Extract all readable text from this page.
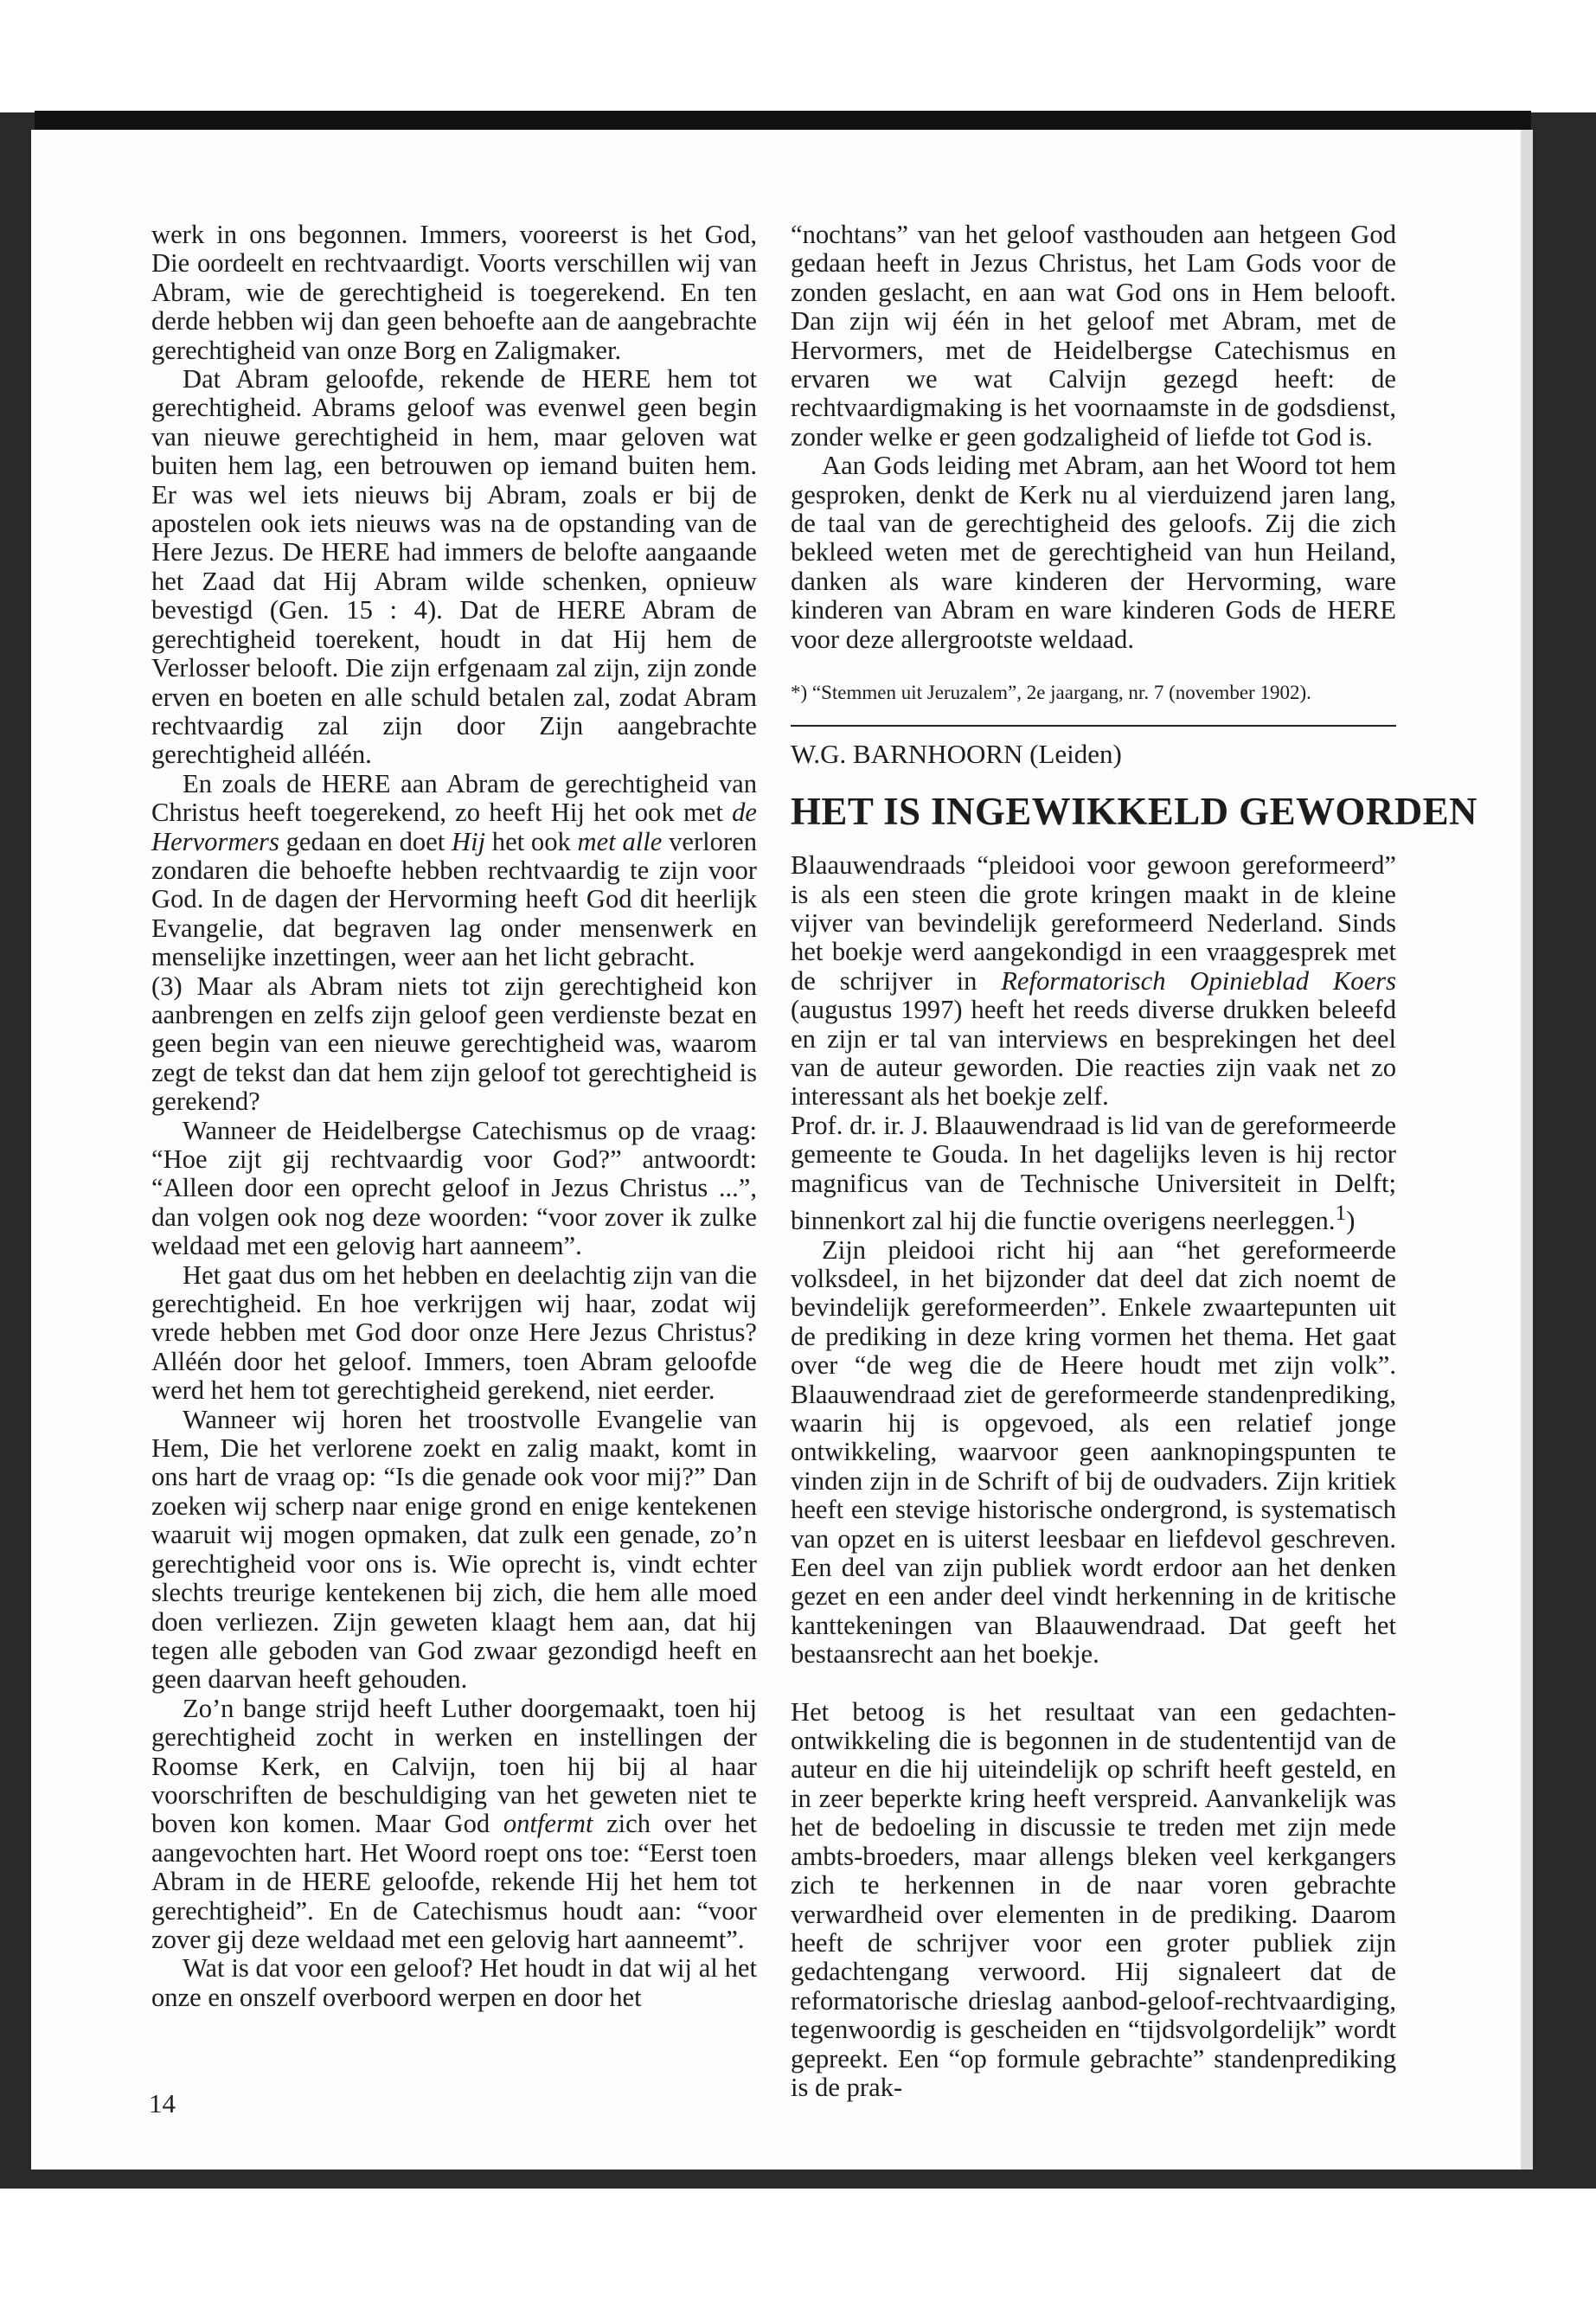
werk in ons begonnen. Immers, vooreerst is het God, Die oordeelt en rechtvaardigt. Voorts verschillen wij van Abram, wie de gerechtigheid is toegerekend. En ten derde hebben wij dan geen behoefte aan de aangebrachte gerechtigheid van onze Borg en Zaligmaker.

Dat Abram geloofde, rekende de HERE hem tot gerechtigheid. Abrams geloof was evenwel geen begin van nieuwe gerechtigheid in hem, maar geloven wat buiten hem lag, een betrouwen op iemand buiten hem. Er was wel iets nieuws bij Abram, zoals er bij de apostelen ook iets nieuws was na de opstanding van de Here Jezus. De HERE had immers de belofte aangaande het Zaad dat Hij Abram wilde schenken, opnieuw bevestigd (Gen. 15 : 4). Dat de HERE Abram de gerechtigheid toerekent, houdt in dat Hij hem de Verlosser belooft. Die zijn erfgenaam zal zijn, zijn zonde erven en boeten en alle schuld betalen zal, zodat Abram rechtvaardig zal zijn door Zijn aangebrachte gerechtigheid alléén.

En zoals de HERE aan Abram de gerechtigheid van Christus heeft toegerekend, zo heeft Hij het ook met de Hervormers gedaan en doet Hij het ook met alle verloren zondaren die behoefte hebben rechtvaardig te zijn voor God. In de dagen der Hervorming heeft God dit heerlijk Evangelie, dat begraven lag onder mensenwerk en menselijke inzettingen, weer aan het licht gebracht.

(3) Maar als Abram niets tot zijn gerechtigheid kon aanbrengen en zelfs zijn geloof geen verdienste bezat en geen begin van een nieuwe gerechtigheid was, waarom zegt de tekst dan dat hem zijn geloof tot gerechtigheid is gerekend?

Wanneer de Heidelbergse Catechismus op de vraag: “Hoe zijt gij rechtvaardig voor God?” antwoordt: “Alleen door een oprecht geloof in Jezus Christus ...”, dan volgen ook nog deze woorden: “voor zover ik zulke weldaad met een gelovig hart aanneem”.

Het gaat dus om het hebben en deelachtig zijn van die gerechtigheid. En hoe verkrijgen wij haar, zodat wij vrede hebben met God door onze Here Jezus Christus? Alléén door het geloof. Immers, toen Abram geloofde werd het hem tot gerechtigheid gerekend, niet eerder.

Wanneer wij horen het troostvolle Evangelie van Hem, Die het verlorene zoekt en zalig maakt, komt in ons hart de vraag op: “Is die genade ook voor mij?” Dan zoeken wij scherp naar enige grond en enige kentekenen waaruit wij mogen opmaken, dat zulk een genade, zo’n gerechtigheid voor ons is. Wie oprecht is, vindt echter slechts treurige kentekenen bij zich, die hem alle moed doen verliezen. Zijn geweten klaagt hem aan, dat hij tegen alle geboden van God zwaar gezondigd heeft en geen daarvan heeft gehouden.

Zo’n bange strijd heeft Luther doorgemaakt, toen hij gerechtigheid zocht in werken en instellingen der Roomse Kerk, en Calvijn, toen hij bij al haar voorschriften de beschuldiging van het geweten niet te boven kon komen. Maar God ontfermt zich over het aangevochten hart. Het Woord roept ons toe: “Eerst toen Abram in de HERE geloofde, rekende Hij het hem tot gerechtigheid”. En de Catechismus houdt aan: “voor zover gij deze weldaad met een gelovig hart aanneemt”.

Wat is dat voor een geloof? Het houdt in dat wij al het onze en onszelf overboord werpen en door het

“nochtans” van het geloof vasthouden aan hetgeen God gedaan heeft in Jezus Christus, het Lam Gods voor de zonden geslacht, en aan wat God ons in Hem belooft. Dan zijn wij één in het geloof met Abram, met de Hervormers, met de Heidelbergse Catechismus en ervaren we wat Calvijn gezegd heeft: de rechtvaardigmaking is het voornaamste in de godsdienst, zonder welke er geen godzaligheid of liefde tot God is.

Aan Gods leiding met Abram, aan het Woord tot hem gesproken, denkt de Kerk nu al vierduizend jaren lang, de taal van de gerechtigheid des geloofs. Zij die zich bekleed weten met de gerechtigheid van hun Heiland, danken als ware kinderen der Hervorming, ware kinderen van Abram en ware kinderen Gods de HERE voor deze allergrootste weldaad.

*) “Stemmen uit Jeruzalem”, 2e jaargang, nr. 7 (november 1902).

W.G. BARNHOORN (Leiden)

HET IS INGEWIKKELD GEWORDEN

Blaauwendraads “pleidooi voor gewoon gereformeerd” is als een steen die grote kringen maakt in de kleine vijver van bevindelijk gereformeerd Nederland. Sinds het boekje werd aangekondigd in een vraaggesprek met de schrijver in Reformatorisch Opinieblad Koers (augustus 1997) heeft het reeds diverse drukken beleefd en zijn er tal van interviews en besprekingen het deel van de auteur geworden. Die reacties zijn vaak net zo interessant als het boekje zelf.

Prof. dr. ir. J. Blaauwendraad is lid van de gereformeerde gemeente te Gouda. In het dagelijks leven is hij rector magnificus van de Technische Universiteit in Delft; binnenkort zal hij die functie overigens neerleggen.$^1$)

Zijn pleidooi richt hij aan “het gereformeerde volksdeel, in het bijzonder dat deel dat zich noemt de bevindelijk gereformeerden”. Enkele zwaartepunten uit de prediking in deze kring vormen het thema. Het gaat over “de weg die de Heere houdt met zijn volk”. Blaauwendraad ziet de gereformeerde standenprediking, waarin hij is opgevoed, als een relatief jonge ontwikkeling, waarvoor geen aanknopingspunten te vinden zijn in de Schrift of bij de oudvaders. Zijn kritiek heeft een stevige historische ondergrond, is systematisch van opzet en is uiterst leesbaar en liefdevol geschreven. Een deel van zijn publiek wordt erdoor aan het denken gezet en een ander deel vindt herkenning in de kritische kanttekeningen van Blaauwendraad. Dat geeft het bestaansrecht aan het boekje.

Het betoog is het resultaat van een gedachten-ontwikkeling die is begonnen in de studententijd van de auteur en die hij uiteindelijk op schrift heeft gesteld, en in zeer beperkte kring heeft verspreid. Aanvankelijk was het de bedoeling in discussie te treden met zijn mede ambts-broeders, maar allengs bleken veel kerkgangers zich te herkennen in de naar voren gebrachte verwardheid over elementen in de prediking. Daarom heeft de schrijver voor een groter publiek zijn gedachtengang verwoord. Hij signaleert dat de reformatorische drieslag aanbod-geloof-rechtvaardiging, tegenwoordig is gescheiden en “tijdsvolgordelijk” wordt gepreekt. Een “op formule gebrachte” standenprediking is de prak-

14
